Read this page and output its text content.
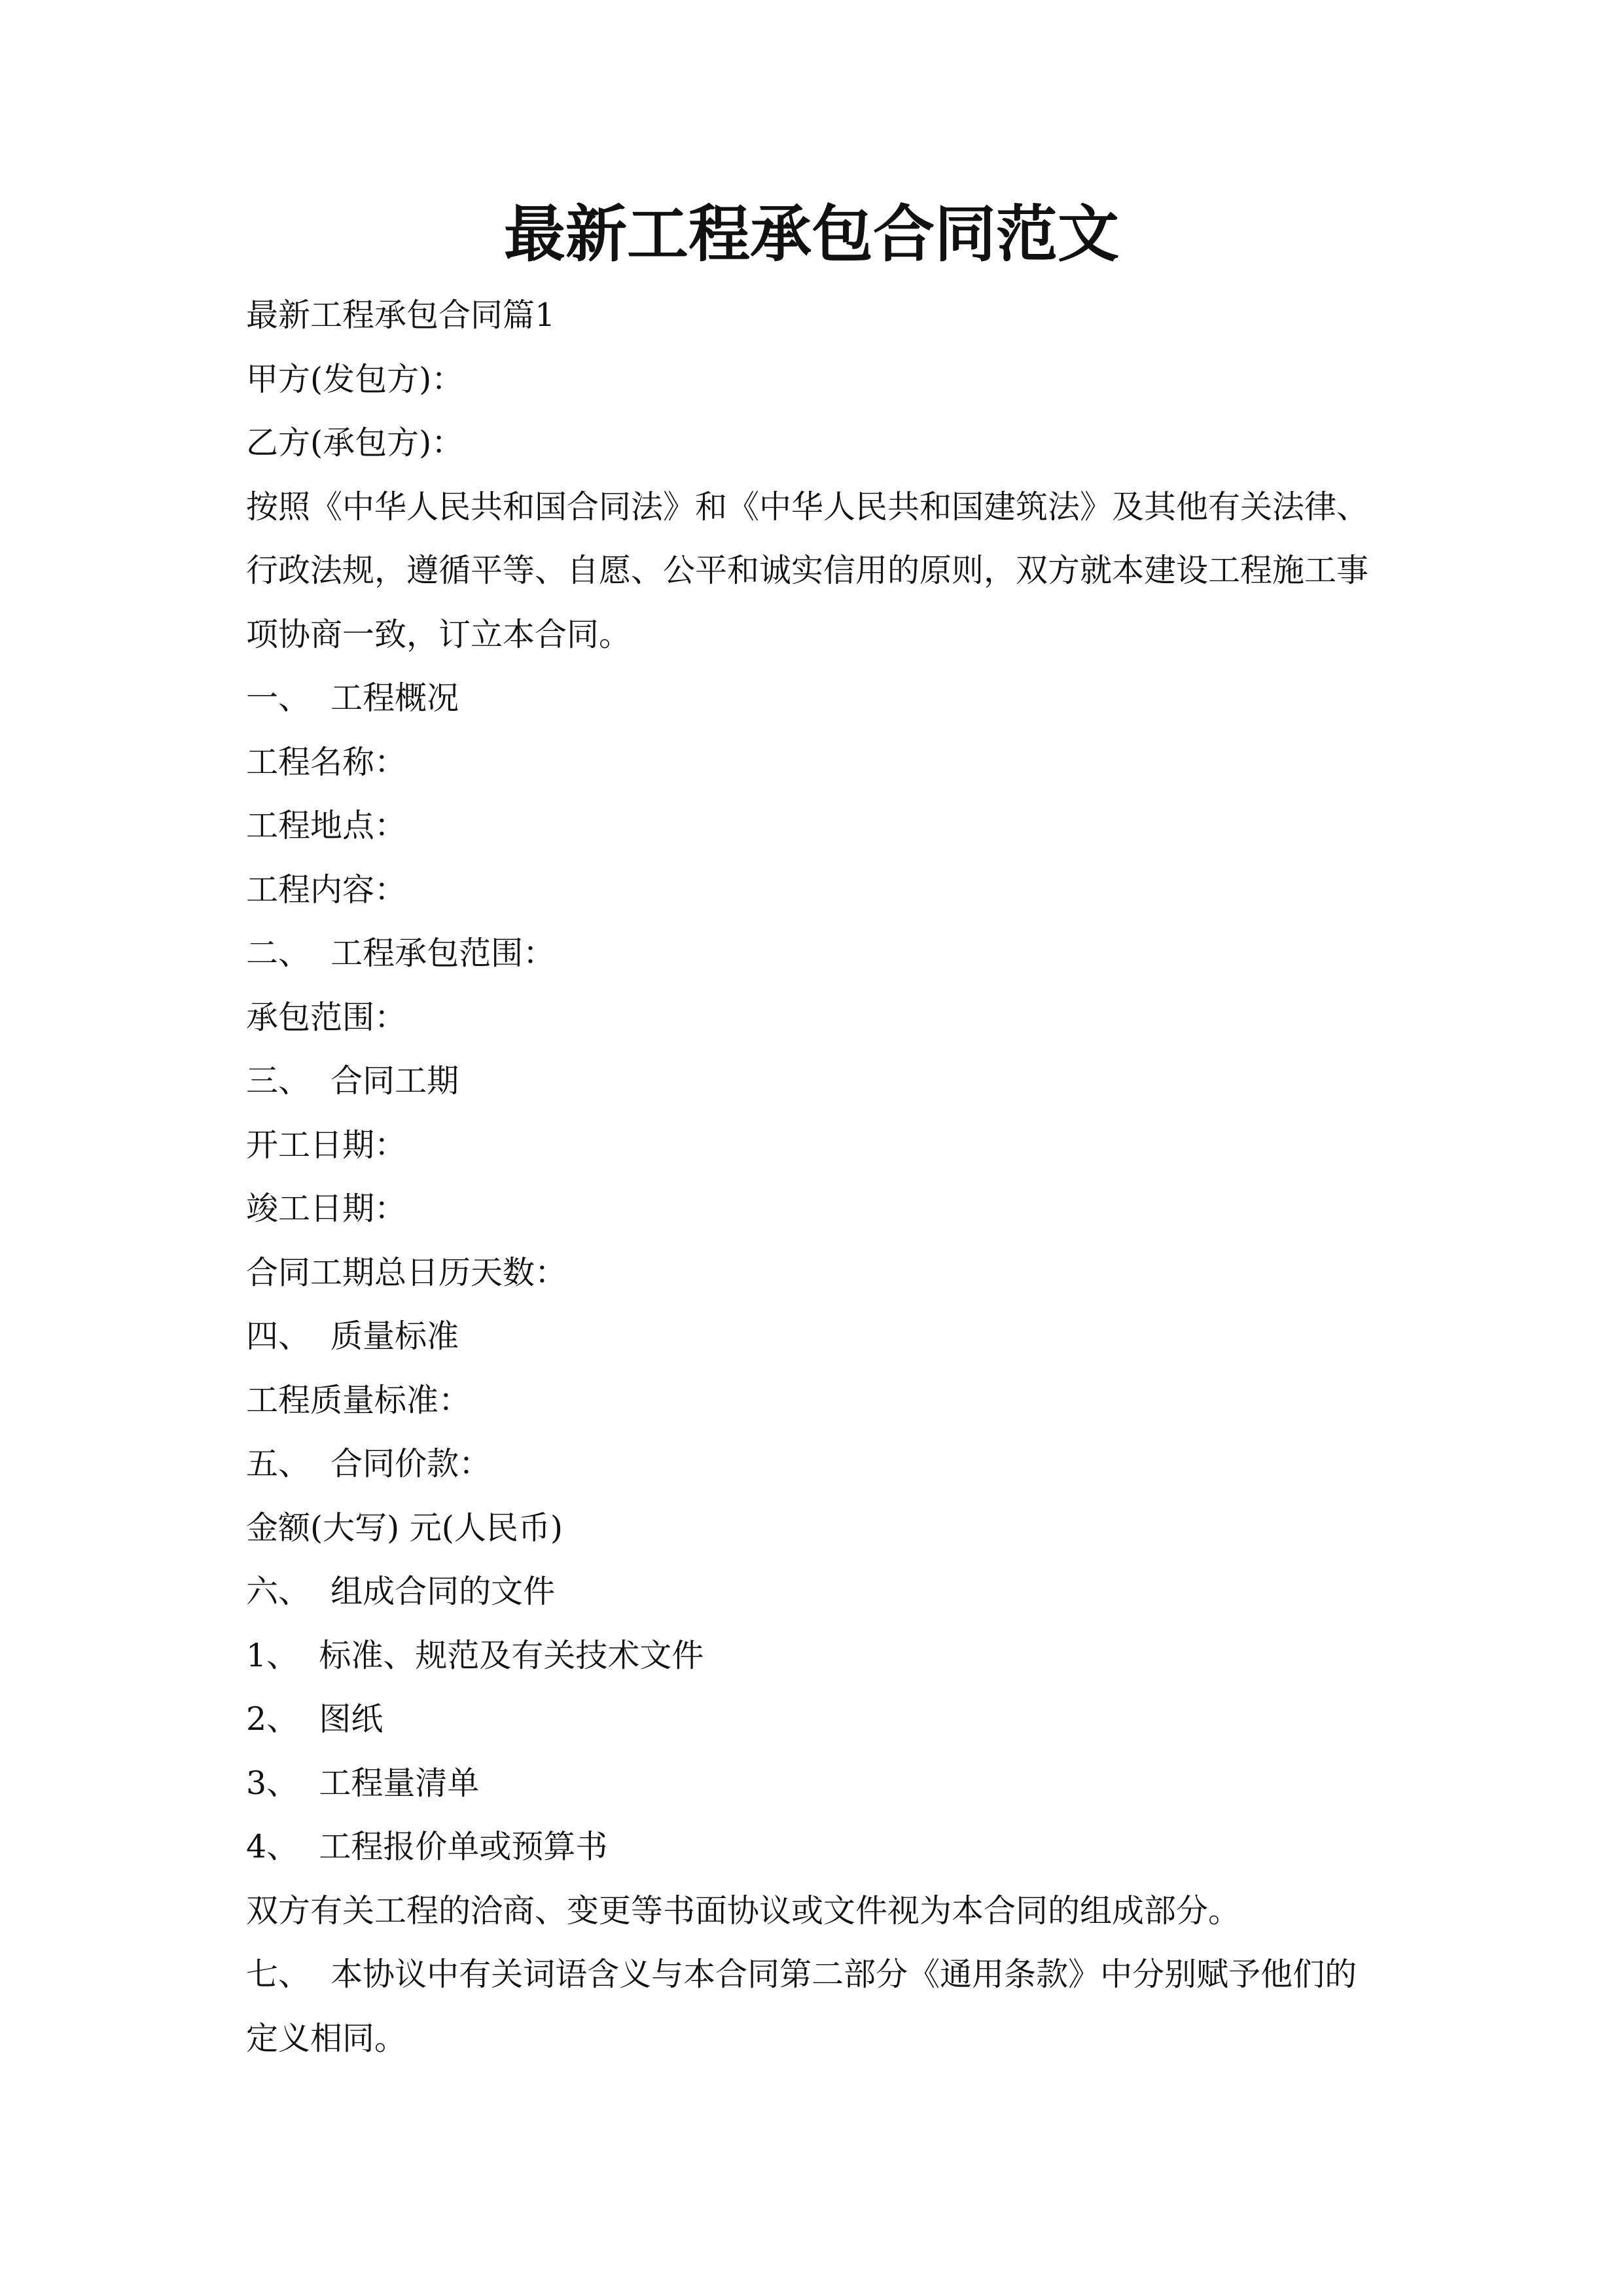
最新工程承包合同范文
最新工程承包合同篇1
甲方(发包方)：
乙方(承包方)：
按照《中华人民共和国合同法》和《中华人民共和国建筑法》及其他有关法律、
行政法规，遵循平等、自愿、公平和诚实信用的原则，双方就本建设工程施工事
项协商一致，订立本合同。
一、  工程概况
工程名称：
工程地点：
工程内容：
二、  工程承包范围：
承包范围：
三、  合同工期
开工日期：
竣工日期：
合同工期总日历天数：
四、  质量标准
工程质量标准：
五、  合同价款：
金额(大写) 元(人民币)
六、  组成合同的文件
1、  标准、规范及有关技术文件
2、  图纸
3、  工程量清单
4、  工程报价单或预算书
双方有关工程的洽商、变更等书面协议或文件视为本合同的组成部分。
七、  本协议中有关词语含义与本合同第二部分《通用条款》中分别赋予他们的
定义相同。
